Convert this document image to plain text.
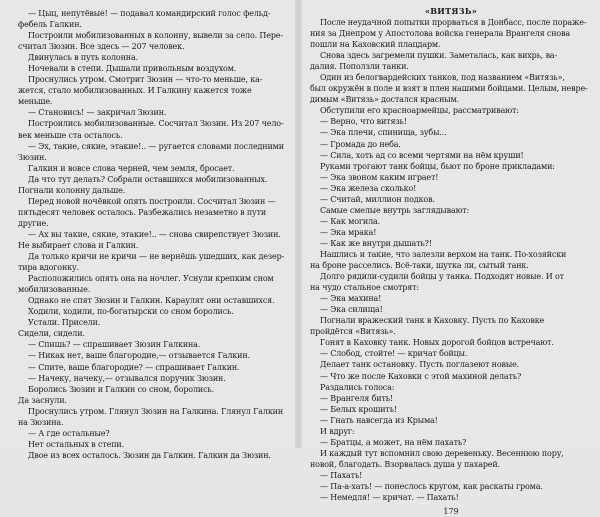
— Цыц, непутёвые! — подавал командирский голос фельд-
фебель Галкин.
Построили мобилизованных в колонну, вывели за село. Пере-
считал Зюзин. Все здесь — 207 человек.
Двинулась в путь колонна.
Ночевали в степи. Дышали привольным воздухом.
Проснулись утром. Смотрит Зюзин — что-то меньше, ка-
жется, стало мобилизованных. И Галкину кажется тоже
меньше.
— Становись! — закричал Зюзин.
Построились мобилизованные. Сосчитал Зюзин. Из 207 чело-
век меньше ста осталось.
— Эх, такие, сякие, этакие!.. — ругается словами последними
Зюзин.
Галкин и вовсе слова черней, чем земля, бросает.
Да что тут делать? Собрали оставшихся мобилизованных.
Погнали колонну дальше.
Перед новой ночёвкой опять построили. Сосчитал Зюзин —
пятьдесят человек осталось. Разбежались незаметно в пути
другие.
— Ах вы такие, сякие, этакие!.. — снова свирепствует Зюзин.
Не выбирает слова и Галкин.
Да только кричи не кричи — не вернёшь ушедших, как дезер-
тира вдогонку.
Расположились опять она на ночлег. Уснули крепким сном
мобилизованные.
Однако не спят Зюзин и Галкин. Караулят они оставшихся.
Ходили, ходили, по-богатырски со сном боролись.
Устали. Присели.
Сидели, сидели.
— Спишь? — спрашивает Зюзин Галкина.
— Никак нет, ваше благородие,— отзывается Галкин.
— Спите, ваше благородие? — спрашивает Галкин.
— Начеку, начеку,— отзывался поручик Зюзин.
Боролись Зюзин и Галкин со сном, боролись.
Да заснули.
Проснулись утром. Глянул Зюзин на Галкина. Глянул Галкин
на Зюзина.
— А где остальные?
Нет остальных в степи.
Двое из всех осталось. Зюзин да Галкин. Галкин да Зюзин.
«ВИТЯЗЬ»
После неудачной попытки прорваться в Донбасс, после пораже-
ния за Днепром у Апостолова войска генерала Врангеля снова
пошли на Каховский плацдарм.
Снова здесь загремели пушки. Заметалась, как вихрь, ва-
далия. Поползли танки.
Один из белогвардейских танков, под названием «Витязь»,
был окружён в поле и взят в плен нашими бойцами. Целым, невре-
димым «Витязь» достался красным.
Обступили его красноармейцы, рассматривают:
— Верно, что витязь!
— Эка плечи, спинища, зубы...
— Громада до неба.
— Сила, хоть ад со всеми чертями на нём круши!
Руками трогают танк бойцы, бьют по броне прикладами:
— Эка звоном каким играет!
— Эка железа сколько!
— Считай, миллион подков.
Самые смелые внутрь заглядывают:
— Как могила.
— Эка мрака!
— Как же внутри дышать?!
Нашлись и такие, что залезли верхом на танк. По-хозяйски
на броне расселись. Всё-таки, шутка ли, сытый танк.
Долго рядили-судили бойцы у танка. Подходят новые. И от
на чудо стальное смотрят:
— Эка махина!
— Эка силища!
Погнали вражеский танк в Каховку. Пусть по Каховке
пройдётся «Витязь».
Гонят в Каховку танк. Новых дорогой бойцов встречают.
— Слобод, стойте! — кричат бойцы.
Делает танк остановку. Пусть поглазеют новые.
— Что же после Каховки с этой махиной делать?
Раздались голоса:
— Врангеля бить!
— Белых крошить!
— Гнать навсегда из Крыма!
И вдруг:
— Братцы, а может, на нём пахать?
И каждый тут вспомнил свою деревеньку. Весеннюю пору,
новой, благодать. Взорвалась душа у пахарей.
— Пахать!
— Па-а-хать! — понеслось кругом, как раскаты грома.
— Немедля! — кричат. — Пахать!
179
